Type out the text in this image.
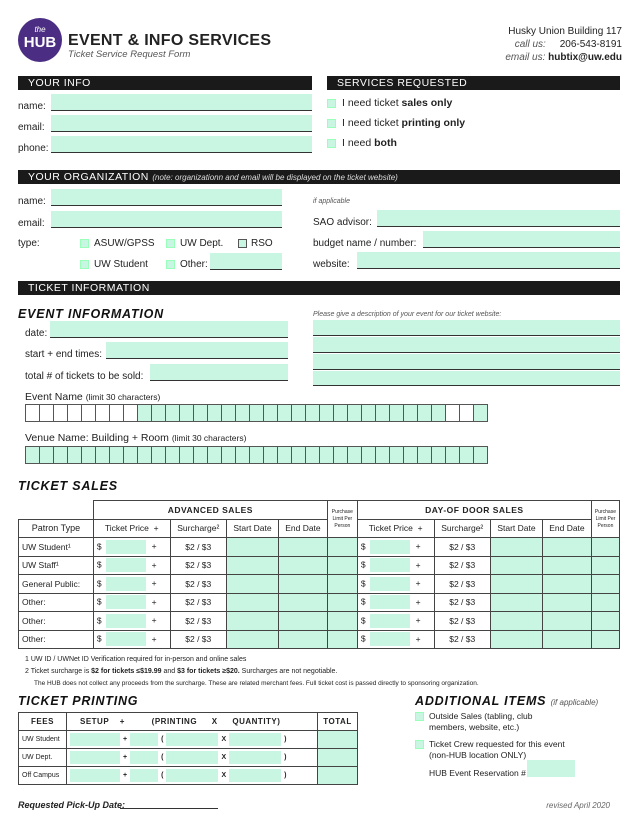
the
HUB EVENT & INFO SERVICES
Ticket Service Request Form
Husky Union Building 117
call us: 206-543-8191
email us: hubtix@uw.edu
YOUR INFO
name:
email:
phone:
SERVICES REQUESTED
I need ticket sales only
I need ticket printing only
I need both
YOUR ORGANIZATION (note: organizationn and email will be displayed on the ticket website)
name:
email:
type:	ASUW/GPSS	UW Dept.	RSO
UW Student	Other:
if applicable
SAO advisor:
budget name / number:
website:
TICKET INFORMATION
EVENT INFORMATION
date:
start + end times:
total # of tickets to be sold:
Please give a description of your event for our ticket website:
Event Name (limit 30 characters)

Venue Name: Building + Room (limit 30 characters)

TICKET SALES
	ADVANCED SALES				Purchase Limit Per Person	DAY-OF DOOR SALES				Purchase Limit Per Person
Patron Type	Ticket Price +	Surcharge²	Start Date	End Date		Ticket Price +	Surcharge²	Start Date	End Date	
UW Student¹	$ +	$2 / $3				$ +	$2 / $3			
UW Staff¹	$ +	$2 / $3				$ +	$2 / $3			
General Public:	$ +	$2 / $3				$ +	$2 / $3			
Other:	$ +	$2 / $3				$ +	$2 / $3			
Other:	$ +	$2 / $3				$ +	$2 / $3			
Other:	$ +	$2 / $3				$ +	$2 / $3			
1 UW ID / UWNet ID Verification required for in-person and online sales
2 Ticket surcharge is $2 for tickets ≤$19.99 and $3 for tickets ≥$20. Surcharges are not negotiable.
The HUB does not collect any proceeds from the surcharge. These are related merchant fees. Full ticket cost is passed directly to sponsoring organization.
TICKET PRINTING
FEES	SETUP + (PRINTING X QUANTITY)	TOTAL
UW Student	+ ( X )	
UW Dept.	+ ( X )	
Off Campus	+ ( X )	
Requested Pick-Up Date:
ADDITIONAL ITEMS (if applicable)
Outside Sales (tabling, club
members, website, etc.)
Ticket Crew requested for this event
(non-HUB location ONLY)
HUB Event Reservation #
revised April 2020
